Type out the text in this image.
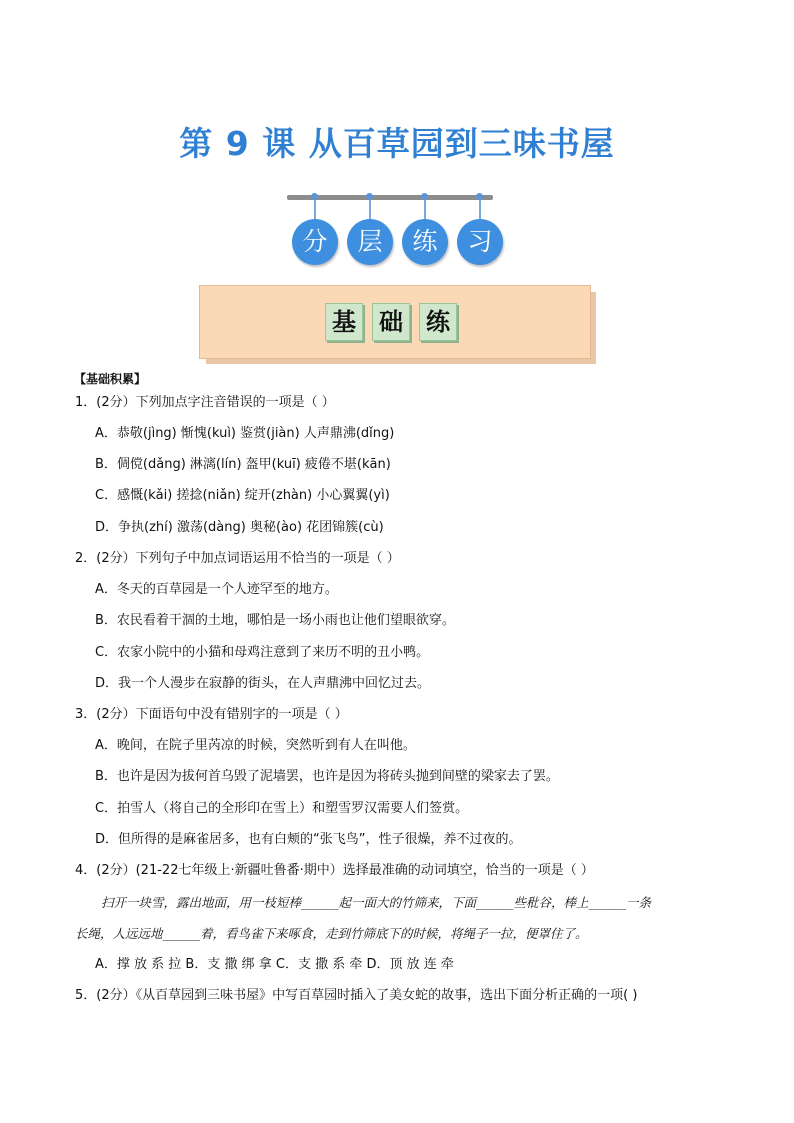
第 9 课 从百草园到三味书屋
分	层	练	习
基 础 练
【基础积累】
1．(2分）下列加点字注音错误的一项是（ ）
A．恭敬(jìng) 惭愧(kuì) 鉴赏(jiàn) 人声鼎沸(dǐng)
B．倜傥(dǎng) 淋漓(lín) 盔甲(kuī) 疲倦不堪(kān)
C．感慨(kǎi) 搓捻(niǎn) 绽开(zhàn) 小心翼翼(yì)
D．争执(zhí) 激荡(dàng) 奥秘(ào) 花团锦簇(cù)
2．(2分）下列句子中加点词语运用不恰当的一项是（ ）
A．冬天的百草园是一个人迹罕至的地方。
B．农民看着干涸的土地，哪怕是一场小雨也让他们望眼欲穿。
C．农家小院中的小猫和母鸡注意到了来历不明的丑小鸭。
D．我一个人漫步在寂静的街头，在人声鼎沸中回忆过去。
3．(2分）下面语句中没有错别字的一项是（ ）
A．晚间，在院子里芮凉的时候，突然听到有人在叫他。
B．也许是因为拔何首乌毁了泥墙罢，也许是因为将砖头抛到间壁的梁家去了罢。
C．拍雪人（将自己的全形印在雪上）和塑雪罗汉需要人们签赏。
D．但所得的是麻雀居多，也有白颊的“张飞鸟”，性子很燥，养不过夜的。
4．(2分）(21-22七年级上·新疆吐鲁番·期中）选择最准确的动词填空，恰当的一项是（ ）
扫开一块雪，露出地面，用一枝短棒______起一面大的竹筛来，下面______些秕谷，棒上______一条
长绳，人远远地______着，看鸟雀下来啄食，走到竹筛底下的时候，将绳子一拉，便罩住了。
A．撑 放 系 拉 B．支 撒 绑 拿 C．支 撒 系 牵 D．顶 放 连 牵
5．(2分）《从百草园到三味书屋》中写百草园时插入了美女蛇的故事，选出下面分析正确的一项( )
